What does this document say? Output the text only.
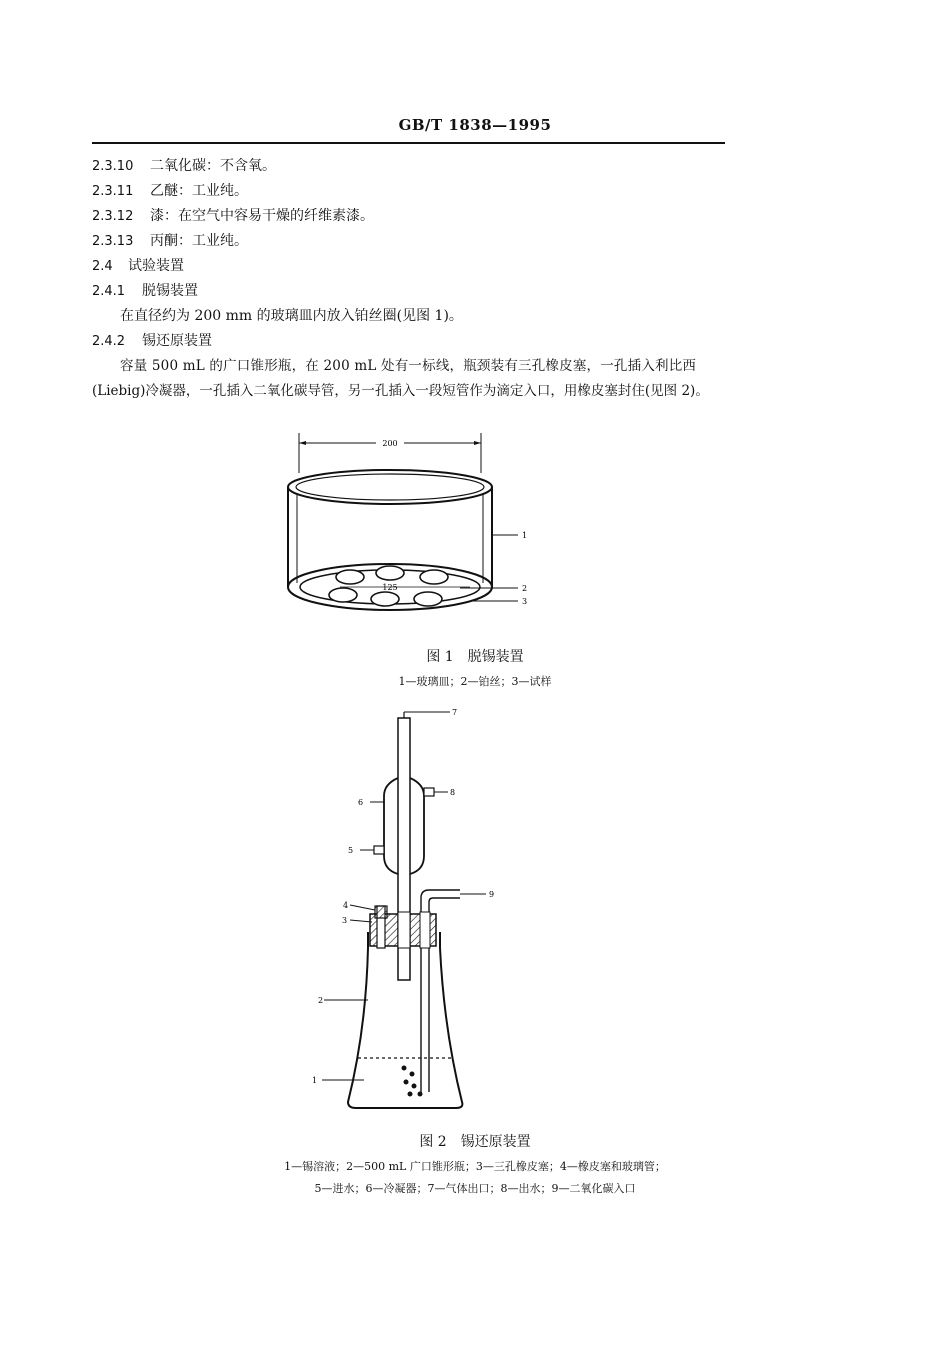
GB/T 1838—1995
2.3.10 二氧化碳：不含氧。
2.3.11 乙醚：工业纯。
2.3.12 漆：在空气中容易干燥的纤维素漆。
2.3.13 丙酮：工业纯。
2.4 试验装置
2.4.1 脱锡装置
在直径约为 200 mm 的玻璃皿内放入铂丝圈(见图 1)。
2.4.2 锡还原装置
容量 500 mL 的广口锥形瓶，在 200 mL 处有一标线，瓶颈装有三孔橡皮塞，一孔插入利比西
(Liebig)冷凝器，一孔插入二氧化碳导管，另一孔插入一段短管作为滴定入口，用橡皮塞封住(见图 2)。
200
125
1
2
3
图 1　脱锡装置
1—玻璃皿；2—铂丝；3—试样
7
8
5
6
9
4
3
2
1
图 2　锡还原装置
1—锡溶液；2—500 mL 广口锥形瓶；3—三孔橡皮塞；4—橡皮塞和玻璃管；
5—进水；6—冷凝器；7—气体出口；8—出水；9—二氧化碳入口
